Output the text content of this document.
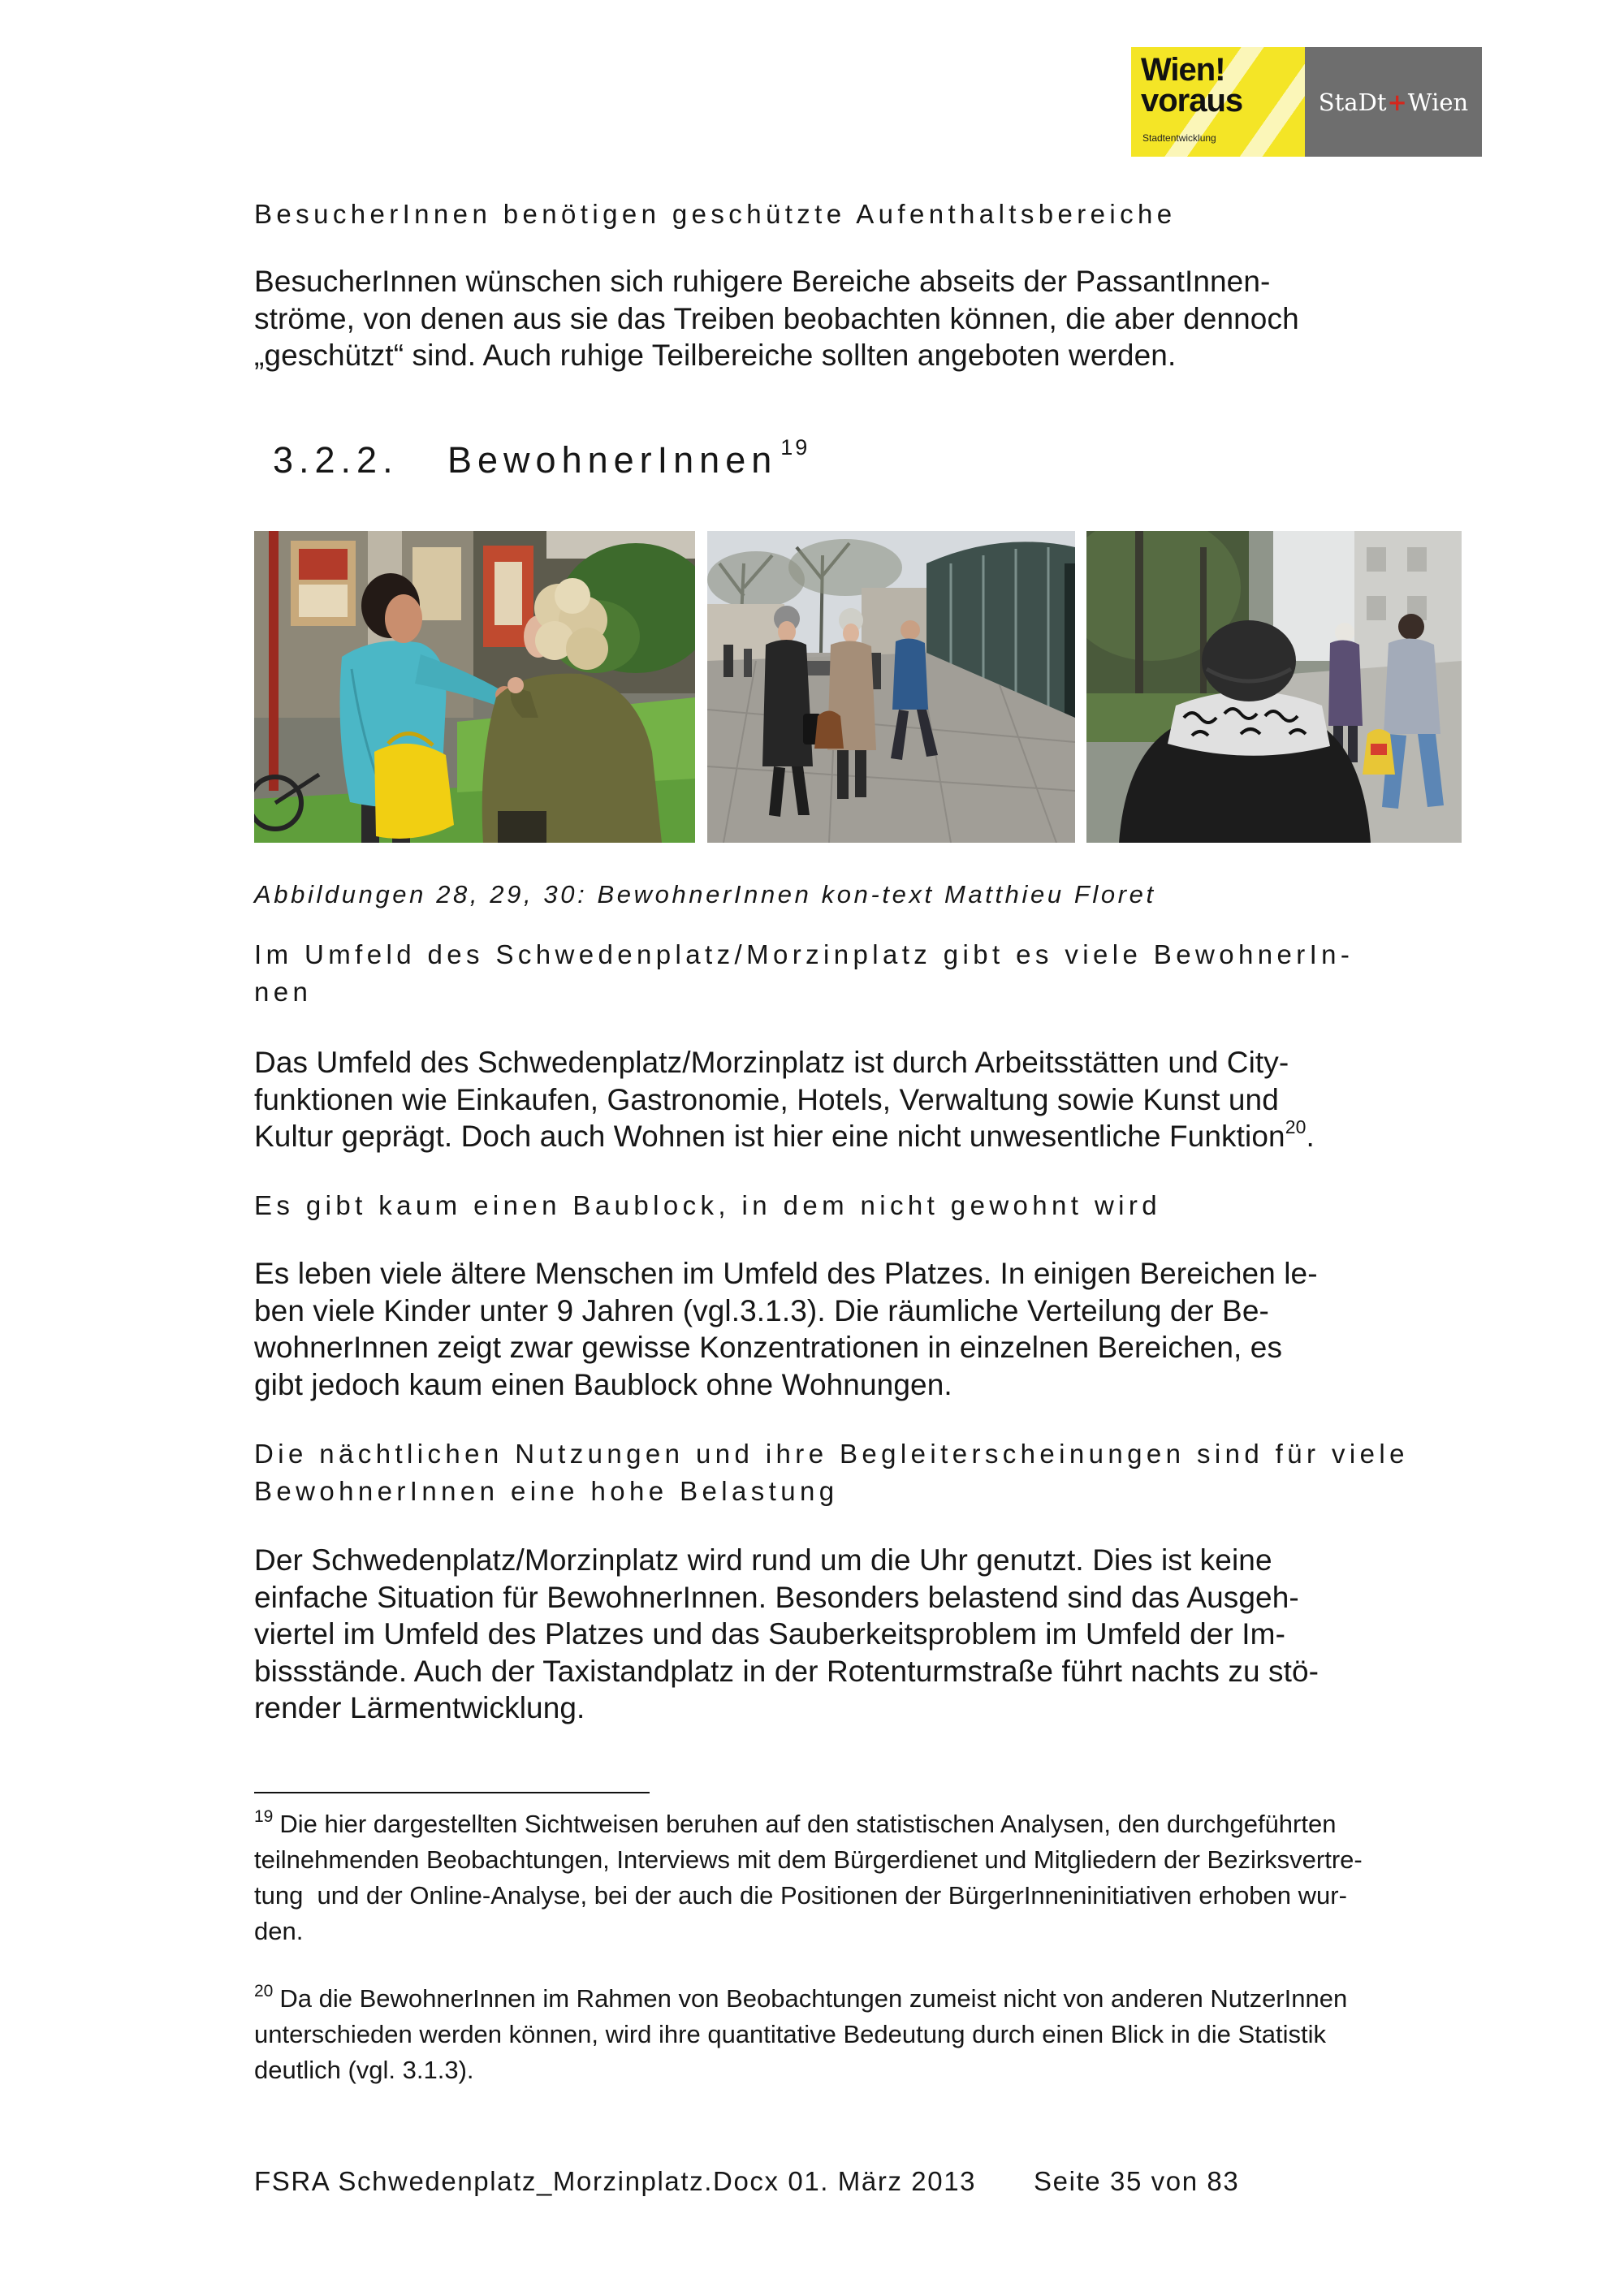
Wien!
voraus
Stadtentwicklung
StaDt + Wien
BesucherInnen benötigen geschützte Aufenthaltsbereiche
BesucherInnen wünschen sich ruhigere Bereiche abseits der PassantInnen-
ströme, von denen aus sie das Treiben beobachten können, die aber dennoch
„geschützt“ sind. Auch ruhige Teilbereiche sollten angeboten werden.
3.2.2. BewohnerInnen $^{19}$
Abbildungen 28, 29, 30: BewohnerInnen kon-text Matthieu Floret
Im Umfeld des Schwedenplatz/Morzinplatz gibt es viele BewohnerIn-
nen
Das Umfeld des Schwedenplatz/Morzinplatz ist durch Arbeitsstätten und City-
funktionen wie Einkaufen, Gastronomie, Hotels, Verwaltung sowie Kunst und
Kultur geprägt. Doch auch Wohnen ist hier eine nicht unwesentliche Funktion$^{20}$.
Es gibt kaum einen Baublock, in dem nicht gewohnt wird
Es leben viele ältere Menschen im Umfeld des Platzes. In einigen Bereichen le-
ben viele Kinder unter 9 Jahren (vgl.3.1.3). Die räumliche Verteilung der Be-
wohnerInnen zeigt zwar gewisse Konzentrationen in einzelnen Bereichen, es
gibt jedoch kaum einen Baublock ohne Wohnungen.
Die nächtlichen Nutzungen und ihre Begleiterscheinungen sind für viele
BewohnerInnen eine hohe Belastung
Der Schwedenplatz/Morzinplatz wird rund um die Uhr genutzt. Dies ist keine
einfache Situation für BewohnerInnen. Besonders belastend sind das Ausgeh-
viertel im Umfeld des Platzes und das Sauberkeitsproblem im Umfeld der Im-
bissstände. Auch der Taxistandplatz in der Rotenturmstraße führt nachts zu stö-
render Lärmentwicklung.
$^{19}$ Die hier dargestellten Sichtweisen beruhen auf den statistischen Analysen, den durchgeführten
teilnehmenden Beobachtungen, Interviews mit dem Bürgerdienet und Mitgliedern der Bezirksvertre-
tung  und der Online-Analyse, bei der auch die Positionen der BürgerInneninitiativen erhoben wur-
den.
$^{20}$ Da die BewohnerInnen im Rahmen von Beobachtungen zumeist nicht von anderen NutzerInnen
unterschieden werden können, wird ihre quantitative Bedeutung durch einen Blick in die Statistik
deutlich (vgl. 3.1.3).
FSRA Schwedenplatz_Morzinplatz.Docx 01. März 2013 Seite 35 von 83
